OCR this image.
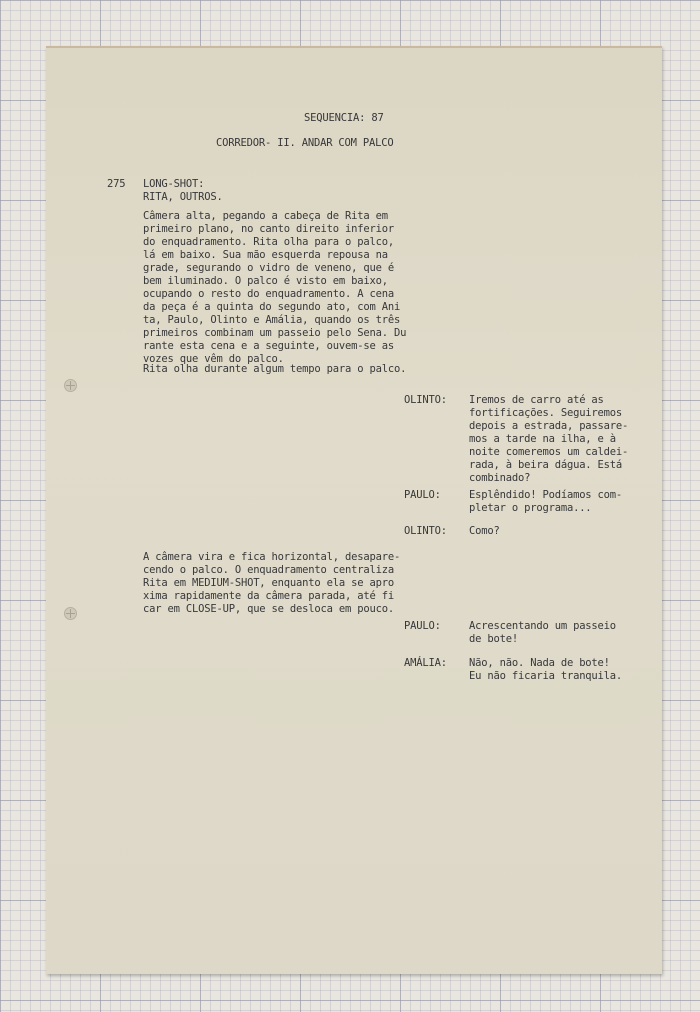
SEQUENCIA: 87
CORREDOR- II. ANDAR COM PALCO
275 LONG-SHOT:
RITA, OUTROS.
Câmera alta, pegando a cabeça de Rita em
primeiro plano, no canto direito inferior
do enquadramento. Rita olha para o palco,
lá em baixo. Sua mão esquerda repousa na
grade, segurando o vidro de veneno, que é
bem iluminado. O palco é visto em baixo,
ocupando o resto do enquadramento. A cena
da peça é a quinta do segundo ato, com Ani
ta, Paulo, Olinto e Amália, quando os três
primeiros combinam um passeio pelo Sena. Du
rante esta cena e a seguinte, ouvem-se as
vozes que vêm do palco.
Rita olha durante algum tempo para o palco.
OLINTO: Iremos de carro até as
fortificações. Seguiremos
depois a estrada, passare-
mos a tarde na ilha, e à
noite comeremos um caldei-
rada, à beira dágua. Está
combinado?
PAULO:	Esplêndido! Podíamos com-
pletar o programa...
OLINTO: Como?
A câmera vira e fica horizontal, desapare-
cendo o palco. O enquadramento centraliza
Rita em MEDIUM-SHOT, enquanto ela se apro
xima rapidamente da câmera parada, até fi
car em CLOSE-UP, que se desloca em pouco.
PAULO:	Acrescentando um passeio
de bote!
AMÁLIA: Não, não. Nada de bote!
Eu não ficaria tranquila.
